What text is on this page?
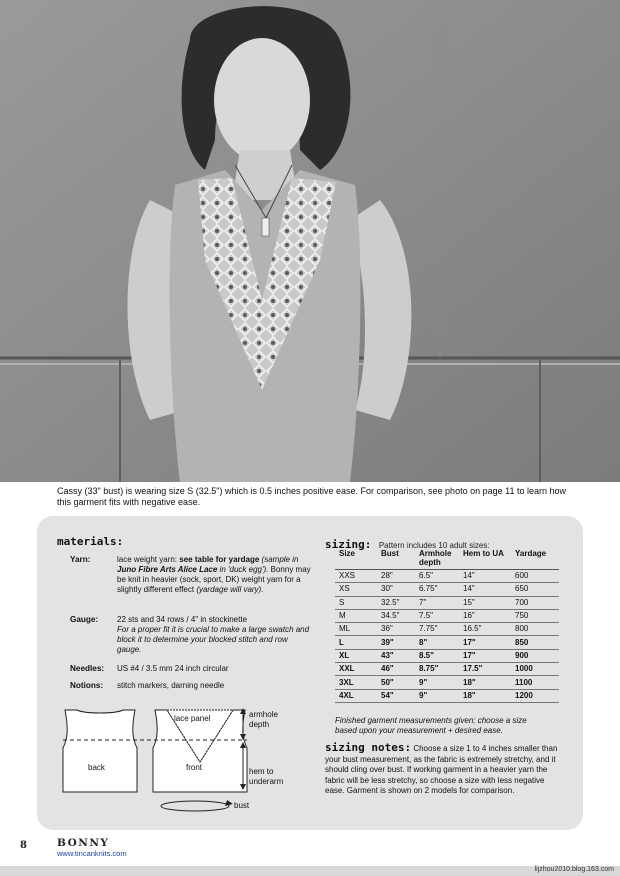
Cassy (33" bust) is wearing size S (32.5") which is 0.5 inches positive ease. For comparison, see photo on page 11 to learn how this garment fits with negative ease.
materials:
Yarn:	lace weight yarn: see table for yardage (sample in Juno Fibre Arts Alice Lace in 'duck egg'). Bonny may be knit in heavier (sock, sport, DK) weight yarn for a slightly different effect (yardage will vary).
Gauge: 22 sts and 34 rows / 4" in stockinette
For a proper fit it is crucial to make a large swatch and block it to determine your blocked stitch and row gauge.
Needles: US #4 / 3.5 mm 24 inch circular
Notions: stitch markers, darning needle
back	front
lace panel	armhole depth
hem to underarm
bust
sizing: Pattern includes 10 adult sizes:
Size	Bust	Armhole depth	Hem to UA	Yardage
XXS	28"	6.5"	14"	600
XS	30"	6.75"	14"	650
S	32.5"	7"	15"	700
M	34.5"	7.5"	16"	750
ML	36"	7.75"	16.5"	800
L	39"	8"	17"	850
XL	43"	8.5"	17"	900
XXL	46"	8.75"	17.5"	1000
3XL	50"	9"	18"	1100
4XL	54"	9"	18"	1200
Finished garment measurements given; choose a size based upon your measurement + desired ease.
sizing notes: Choose a size 1 to 4 inches smaller than your bust measurement, as the fabric is extremely stretchy, and it should cling over bust. If working garment in a heavier yarn the fabric will be less stretchy, so choose a size with less negative ease. Garment is shown on 2 models for comparison.
8	BONNY
www.tincanknits.com
lijzhou2010.blog.163.com
